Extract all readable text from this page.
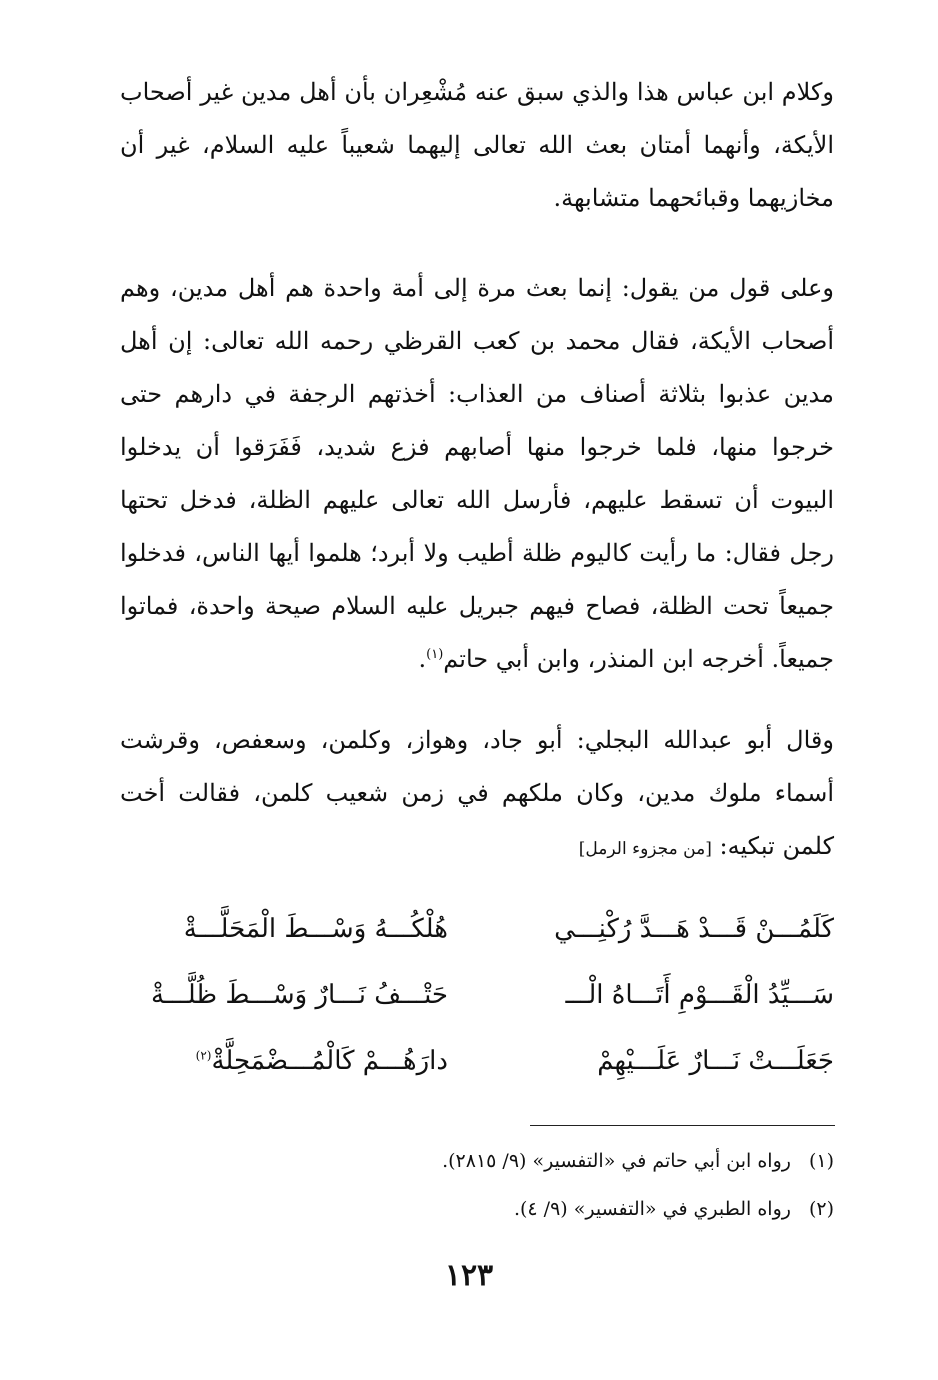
وكلام ابن عباس هذا والذي سبق عنه مُشْعِران بأن أهل مدين غير أصحاب الأيكة، وأنهما أمتان بعث الله تعالى إليهما شعيباً عليه السلام، غير أن مخازيهما وقبائحهما متشابهة.

وعلى قول من يقول: إنما بعث مرة إلى أمة واحدة هم أهل مدين، وهم أصحاب الأيكة، فقال محمد بن كعب القرظي رحمه الله تعالى: إن أهل مدين عذبوا بثلاثة أصناف من العذاب: أخذتهم الرجفة في دارهم حتى خرجوا منها، فلما خرجوا منها أصابهم فزع شديد، فَفَرَقوا أن يدخلوا البيوت أن تسقط عليهم، فأرسل الله تعالى عليهم الظلة، فدخل تحتها رجل فقال: ما رأيت كاليوم ظلة أطيب ولا أبرد؛ هلموا أيها الناس، فدخلوا جميعاً تحت الظلة، فصاح فيهم جبريل عليه السلام صيحة واحدة، فماتوا جميعاً. أخرجه ابن المنذر، وابن أبي حاتم$^{(١)}$.

وقال أبو عبدالله البجلي: أبو جاد، وهواز، وكلمن، وسعفص، وقرشت أسماء ملوك مدين، وكان ملكهم في زمن شعيب كلمن، فقالت أخت كلمن تبكيه: [من مجزوء الرمل]

كَلَمُـــنْ قَـــدْ هَـــدَّ رُكْنِـــي
هُلْكُـــهُ وَسْـــطَ الْمَحَلَّـــةْ
سَـــيِّدُ الْقَـــوْمِ أَتَـــاهُ الْـــ
حَتْـــفُ نَـــارٌ وَسْـــطَ ظُلَّـــةْ
جَعَلَـــتْ نَـــارٌ عَلَـــيْهِمْ
دارَهُـــمْ كَالْمُـــضْمَحِلَّةْ$^{(٢)}$
(١)رواه ابن أبي حاتم في «التفسير» (٩/ ٢٨١٥).
(٢)رواه الطبري في «التفسير» (٩/ ٤).
١٢٣
